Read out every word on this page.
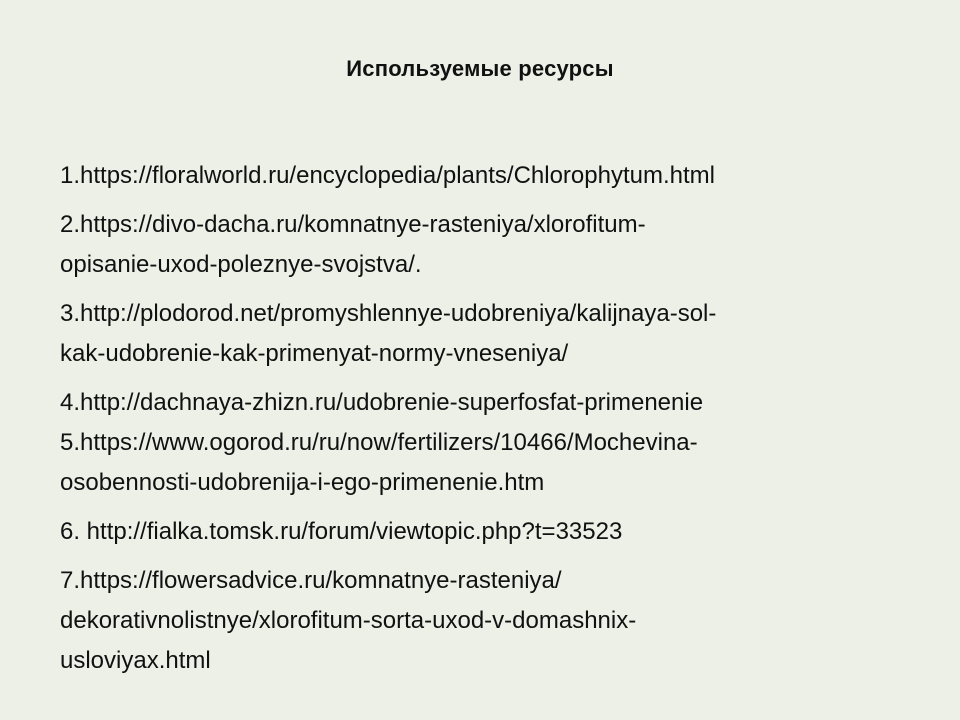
Используемые ресурсы
1.https://floralworld.ru/encyclopedia/plants/Chlorophytum.html
2.https://divo-dacha.ru/komnatnye-rasteniya/xlorofitum-
opisanie-uxod-poleznye-svojstva/.
3.http://plodorod.net/promyshlennye-udobreniya/kalijnaya-sol-
kak-udobrenie-kak-primenyat-normy-vneseniya/
4.http://dachnaya-zhizn.ru/udobrenie-superfosfat-primenenie
5.https://www.ogorod.ru/ru/now/fertilizers/10466/Mochevina-
osobennosti-udobrenija-i-ego-primenenie.htm
6. http://fialka.tomsk.ru/forum/viewtopic.php?t=33523
7.https://flowersadvice.ru/komnatnye-rasteniya/
dekorativnolistnye/xlorofitum-sorta-uxod-v-domashnix-
usloviyax.html
